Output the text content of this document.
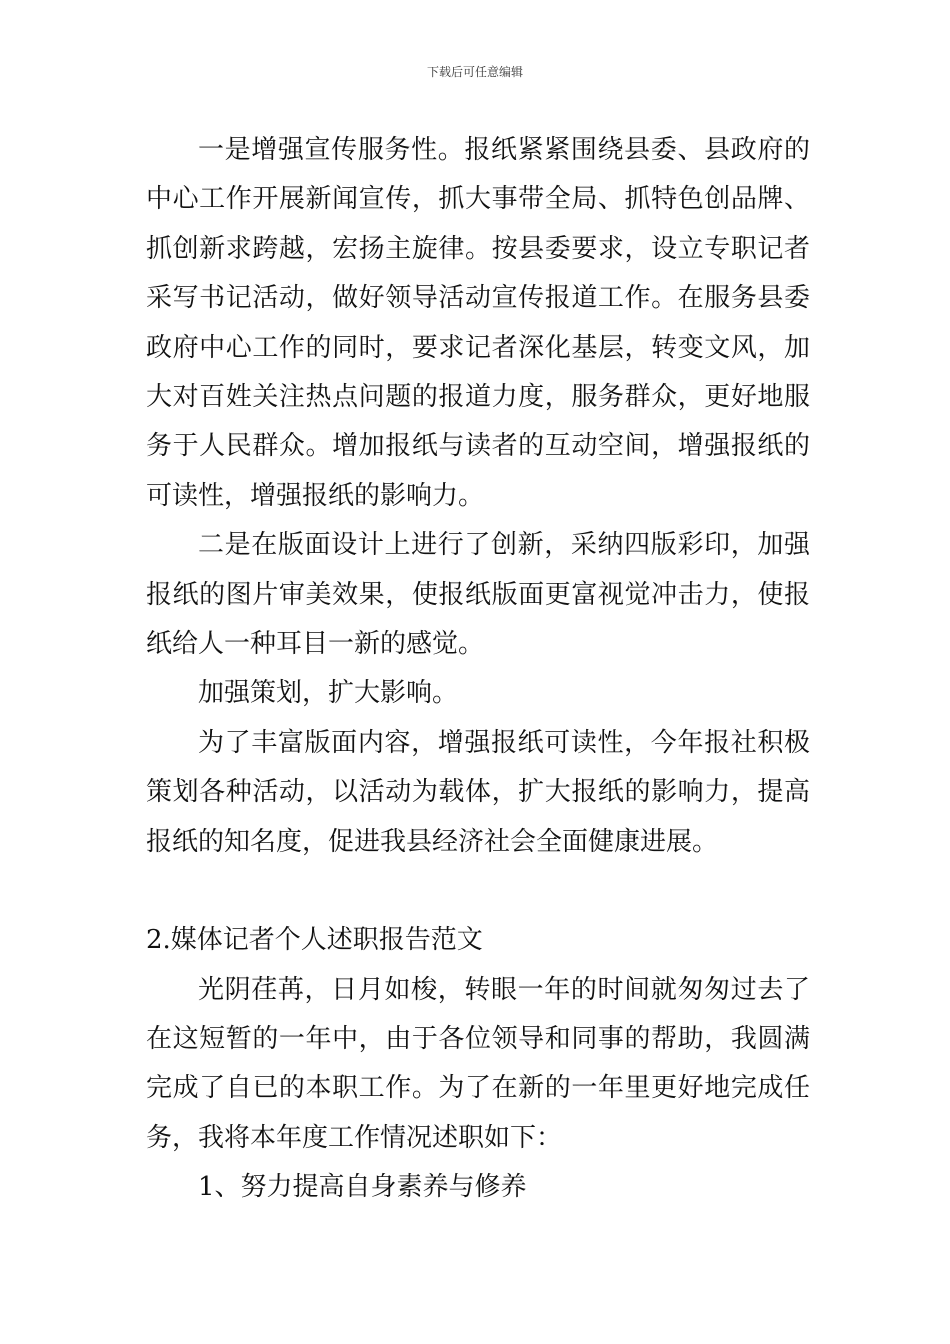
下载后可任意编辑

一是增强宣传服务性。报纸紧紧围绕县委、县政府的中心工作开展新闻宣传，抓大事带全局、抓特色创品牌、抓创新求跨越，宏扬主旋律。按县委要求，设立专职记者采写书记活动，做好领导活动宣传报道工作。在服务县委政府中心工作的同时，要求记者深化基层，转变文风，加大对百姓关注热点问题的报道力度，服务群众，更好地服务于人民群众。增加报纸与读者的互动空间，增强报纸的可读性，增强报纸的影响力。

二是在版面设计上进行了创新，采纳四版彩印，加强报纸的图片审美效果，使报纸版面更富视觉冲击力，使报纸给人一种耳目一新的感觉。

加强策划，扩大影响。

为了丰富版面内容，增强报纸可读性，今年报社积极策划各种活动，以活动为载体，扩大报纸的影响力，提高报纸的知名度，促进我县经济社会全面健康进展。

2.媒体记者个人述职报告范文

光阴荏苒，日月如梭，转眼一年的时间就匆匆过去了在这短暂的一年中，由于各位领导和同事的帮助，我圆满完成了自已的本职工作。为了在新的一年里更好地完成任务，我将本年度工作情况述职如下：

1、努力提高自身素养与修养
